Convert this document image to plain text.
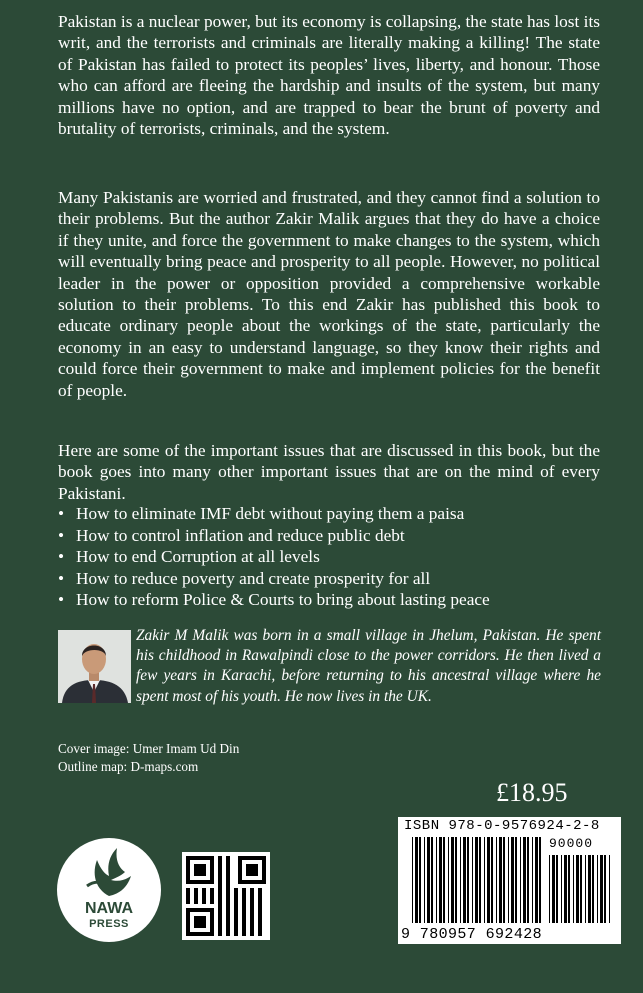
Pakistan is a nuclear power, but its economy is collapsing, the state has lost its writ, and the terrorists and criminals are literally making a killing! The state of Pakistan has failed to protect its peoples’ lives, liberty, and honour. Those who can afford are fleeing the hardship and insults of the system, but many millions have no option, and are trapped to bear the brunt of poverty and brutality of terrorists, criminals, and the system.

Many Pakistanis are worried and frustrated, and they cannot find a solution to their problems. But the author Zakir Malik argues that they do have a choice if they unite, and force the government to make changes to the system, which will eventually bring peace and prosperity to all people. However, no political leader in the power or opposition provided a comprehensive workable solution to their problems. To this end Zakir has published this book to educate ordinary people about the workings of the state, particularly the economy in an easy to understand language, so they know their rights and could force their government to make and implement policies for the benefit of people.

Here are some of the important issues that are discussed in this book, but the book goes into many other important issues that are on the mind of every Pakistani.

• How to eliminate IMF debt without paying them a paisa
• How to control inflation and reduce public debt
• How to end Corruption at all levels
• How to reduce poverty and create prosperity for all
• How to reform Police & Courts to bring about lasting peace

Zakir M Malik was born in a small village in Jhelum, Pakistan. He spent his childhood in Rawalpindi close to the power corridors. He then lived a few years in Karachi, before returning to his ancestral village where he spent most of his youth. He now lives in the UK.

Cover image: Umer Imam Ud Din
Outline map: D-maps.com
£18.95
ISBN 978-0-9576924-2-8
90000
9 780957 692428
NAWA
PRESS
